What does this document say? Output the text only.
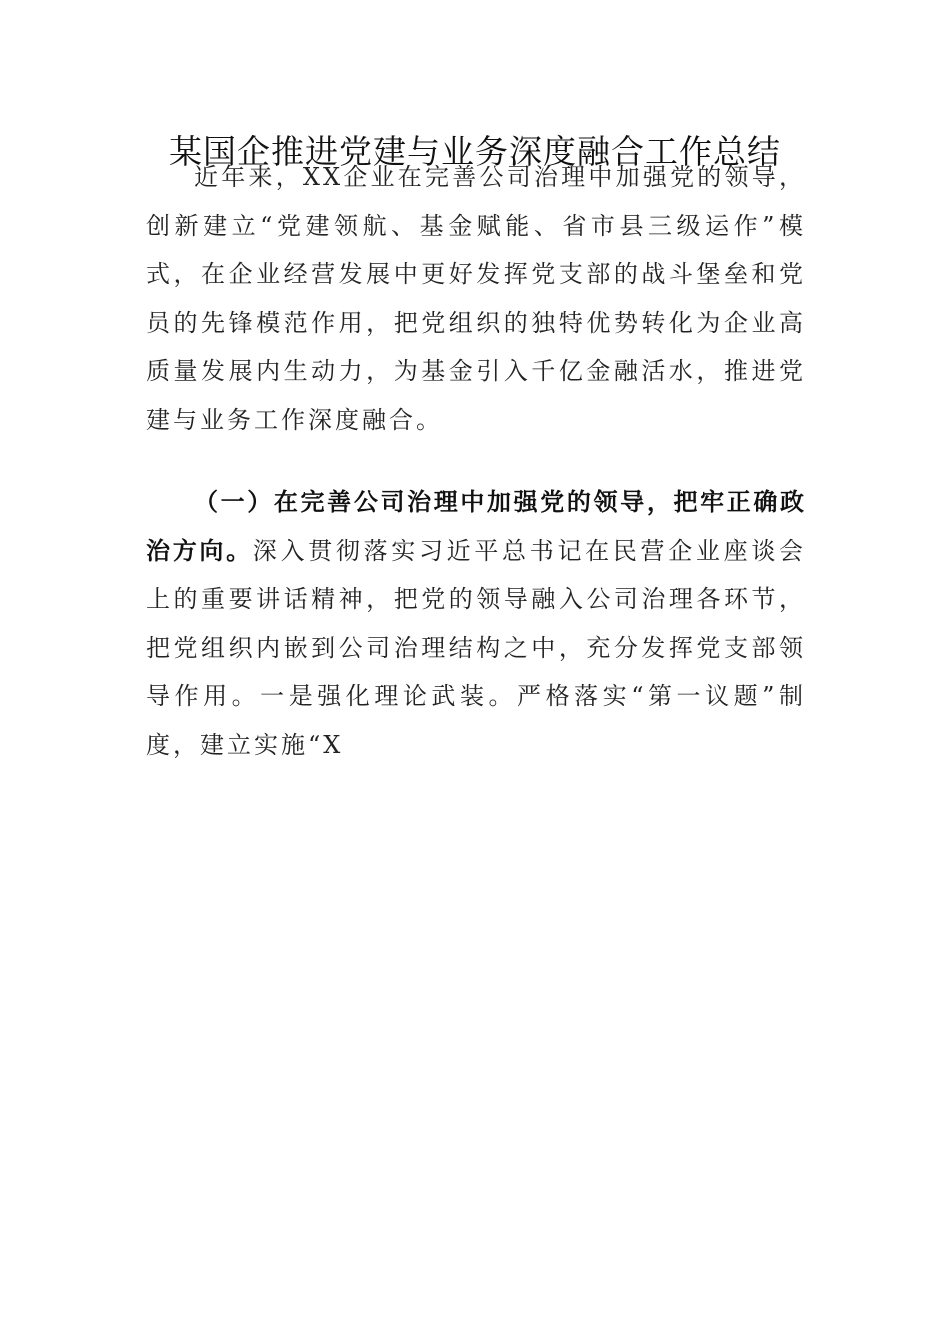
某国企推进党建与业务深度融合工作总结

近年来，XX企业在完善公司治理中加强党的领导，创新建立“党建领航、基金赋能、省市县三级运作”模式，在企业经营发展中更好发挥党支部的战斗堡垒和党员的先锋模范作用，把党组织的独特优势转化为企业高质量发展内生动力，为基金引入千亿金融活水，推进党建与业务工作深度融合。

（一）在完善公司治理中加强党的领导，把牢正确政治方向。深入贯彻落实习近平总书记在民营企业座谈会上的重要讲话精神，把党的领导融入公司治理各环节，把党组织内嵌到公司治理结构之中，充分发挥党支部领导作用。一是强化理论武装。严格落实“第一议题”制度，建立实施“X
